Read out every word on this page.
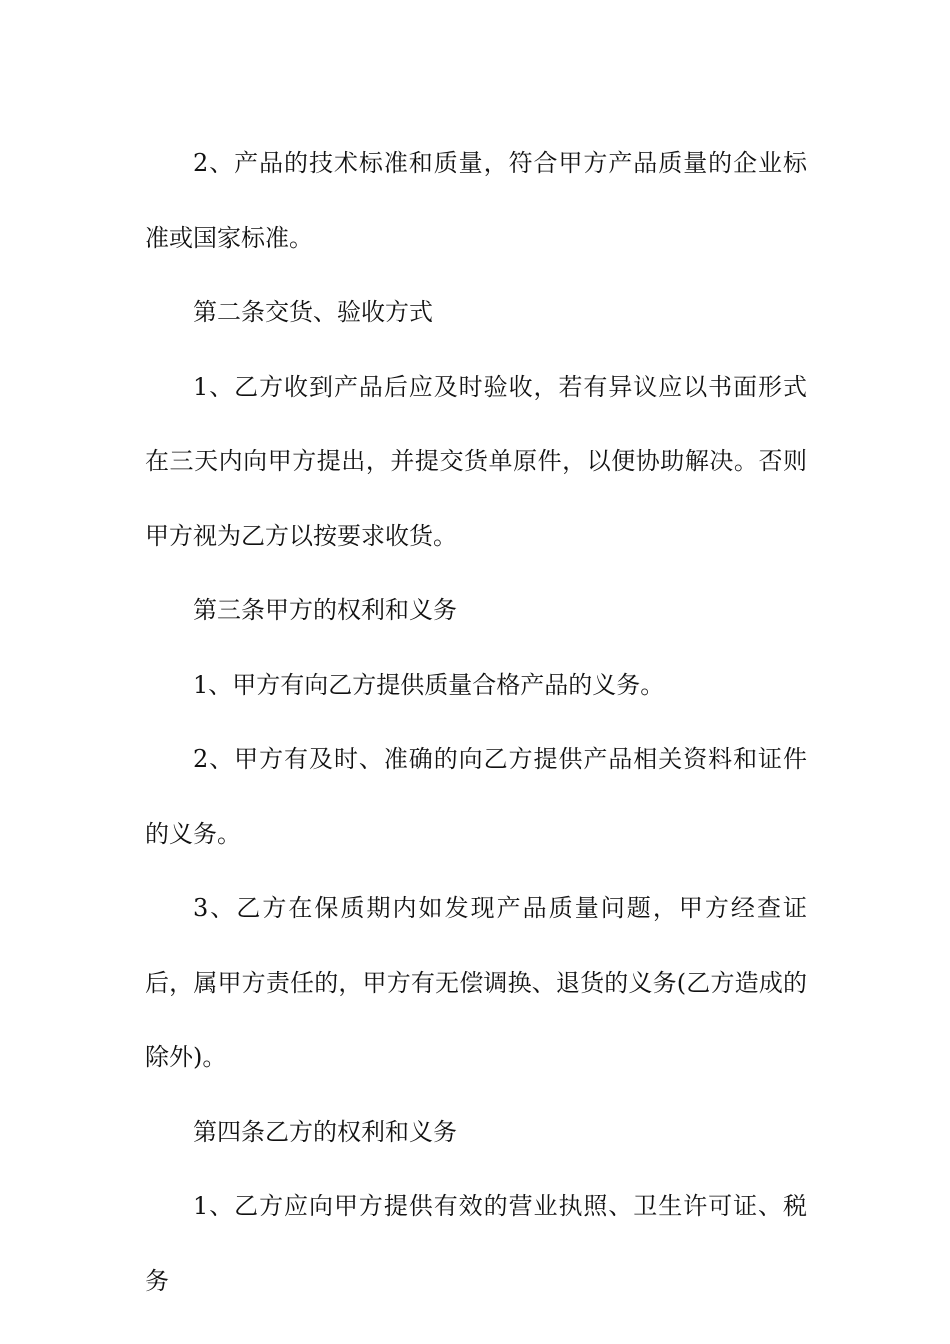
2、产品的技术标准和质量，符合甲方产品质量的企业标准或国家标准。

第二条交货、验收方式

1、乙方收到产品后应及时验收，若有异议应以书面形式在三天内向甲方提出，并提交货单原件，以便协助解决。否则甲方视为乙方以按要求收货。

第三条甲方的权利和义务

1、甲方有向乙方提供质量合格产品的义务。

2、甲方有及时、准确的向乙方提供产品相关资料和证件的义务。

3、乙方在保质期内如发现产品质量问题，甲方经查证后，属甲方责任的，甲方有无偿调换、退货的义务(乙方造成的除外)。

第四条乙方的权利和义务

1、乙方应向甲方提供有效的营业执照、卫生许可证、税务
